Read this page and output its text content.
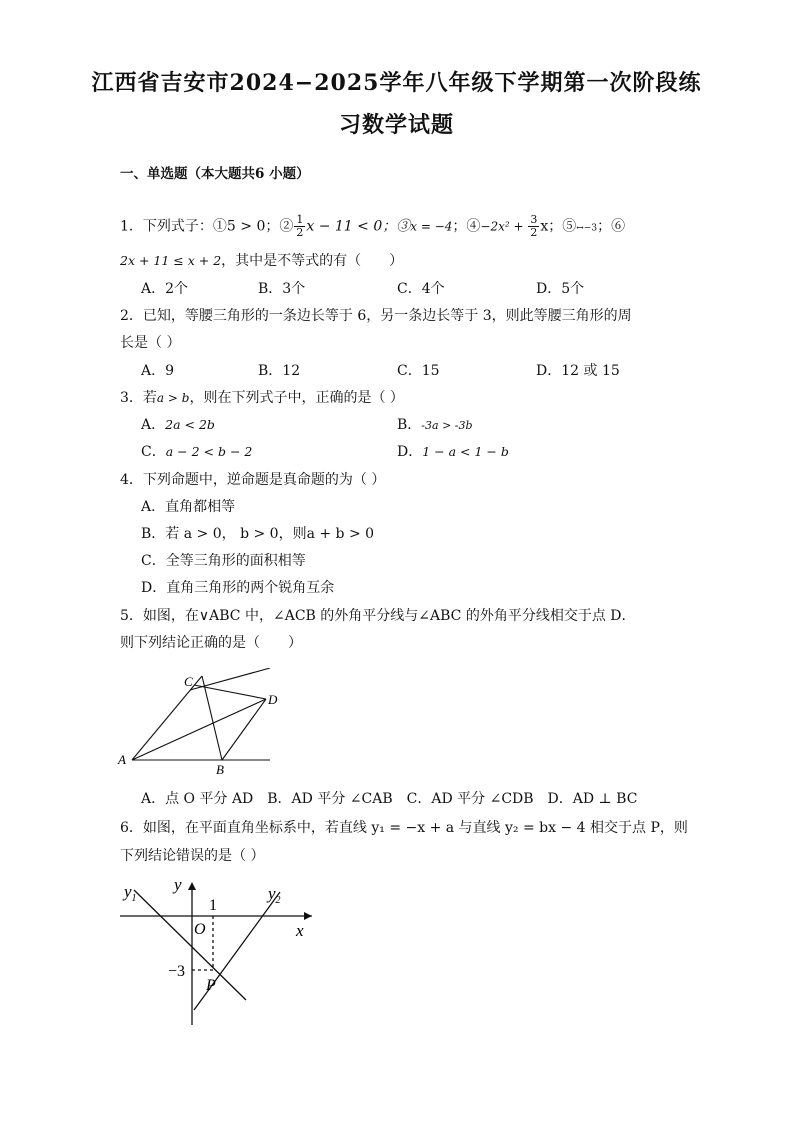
江西省吉安市2024−2025学年八年级下学期第一次阶段练
习数学试题
一、单选题（本大题共6 小题）
1．下列式子：①5 > 0；② $\frac{1}{2}$ x − 11 < 0；③x = −4；④−2x² + $\frac{3}{2}$ x；⑤↔−3；⑥
2x + 11 ≤ x + 2，其中是不等式的有（　　）
A．2个	B．3个	C．4个	D．5个
2．已知，等腰三角形的一条边长等于 6，另一条边长等于 3，则此等腰三角形的周
长是（ ）
A．9	B．12	C．15	D．12 或 15
3．若a > b，则在下列式子中，正确的是（ ）
A．2a < 2b	B．-3a > -3b
C．a − 2 < b − 2	D．1 − a < 1 − b
4．下列命题中，逆命题是真命题的为（ ）
A．直角都相等
B．若 a > 0， b > 0，则a + b > 0
C．全等三角形的面积相等
D．直角三角形的两个锐角互余
5．如图，在∨ABC 中，∠ACB 的外角平分线与∠ABC 的外角平分线相交于点 D．
则下列结论正确的是（　　）
A
B
C
D
A．点 O 平分 AD　B．AD 平分 ∠CAB　C．AD 平分 ∠CDB　D．AD ⊥ BC
6．如图，在平面直角坐标系中，若直线 y₁ = −x + a 与直线 y₂ = bx − 4 相交于点 P，则
下列结论错误的是（ ）
$y_1$	$y_2$
y
x
O
1
−3
P
